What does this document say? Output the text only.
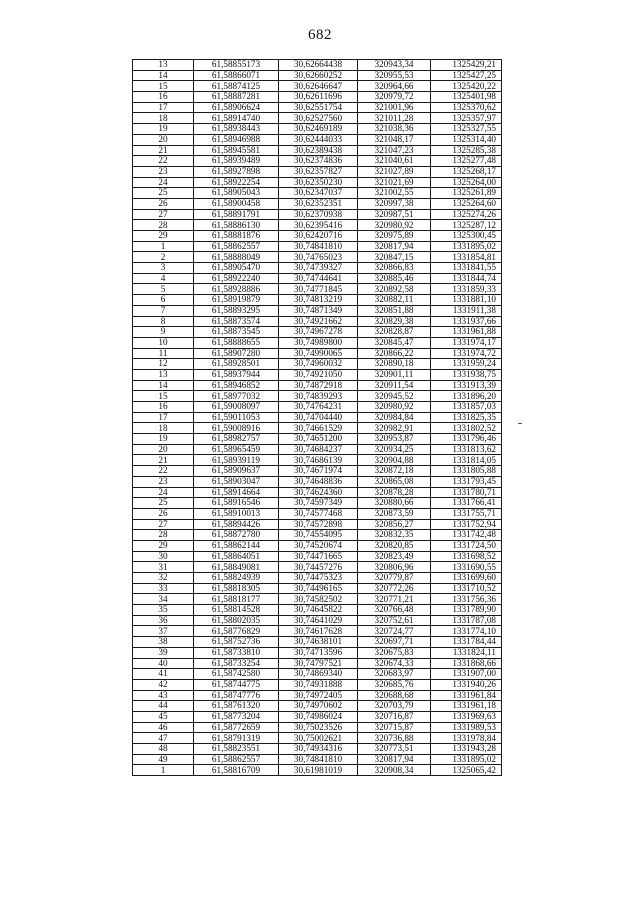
682
13	61,58855173	30,62664438	320943,34	1325429,21
14	61,58866071	30,62660252	320955,53	1325427,25
15	61,58874125	30,62646647	320964,66	1325420,22
16	61,58887281	30,62611696	320979,72	1325401,98
17	61,58906624	30,62551754	321001,96	1325370,62
18	61,58914740	30,62527560	321011,28	1325357,97
19	61,58938443	30,62469189	321038,36	1325327,55
20	61,58946988	30,62444033	321048,17	1325314,40
21	61,58945581	30,62389438	321047,23	1325285,38
22	61,58939489	30,62374836	321040,61	1325277,48
23	61,58927898	30,62357827	321027,89	1325268,17
24	61,58922254	30,62350230	321021,69	1325264,00
25	61,58905043	30,62347037	321002,55	1325261,89
26	61,58900458	30,62352351	320997,38	1325264,60
27	61,58891791	30,62370938	320987,51	1325274,26
28	61,58886130	30,62395416	320980,92	1325287,12
29	61,58881876	30,62420716	320975,89	1325300,45
1	61,58862557	30,74841810	320817,94	1331895,02
2	61,58888049	30,74765023	320847,15	1331854,81
3	61,58905470	30,74739327	320866,83	1331841,55
4	61,58922240	30,74744641	320885,46	1331844,74
5	61,58928886	30,74771845	320892,58	1331859,33
6	61,58919879	30,74813219	320882,11	1331881,10
7	61,58893295	30,74871349	320851,88	1331911,38
8	61,58873574	30,74921662	320829,38	1331937,66
9	61,58873545	30,74967278	320828,87	1331961,88
10	61,58888655	30,74989800	320845,47	1331974,17
11	61,58907280	30,74990065	320866,22	1331974,72
12	61,58928501	30,74960032	320890,18	1331959,24
13	61,58937944	30,74921050	320901,11	1331938,75
14	61,58946852	30,74872918	320911,54	1331913,39
15	61,58977032	30,74839293	320945,52	1331896,20
16	61,59008097	30,74764231	320980,92	1331857,03
17	61,59011053	30,74704440	320984,84	1331825,35
18	61,59008916	30,74661529	320982,91	1331802,52
19	61,58982757	30,74651200	320953,87	1331796,46
20	61,58965459	30,74684237	320934,25	1331813,62
21	61,58939119	30,74686139	320904,88	1331814,05
22	61,58909637	30,74671974	320872,18	1331805,88
23	61,58903047	30,74648836	320865,08	1331793,45
24	61,58914664	30,74624360	320878,28	1331780,71
25	61,58916546	30,74597349	320880,66	1331766,41
26	61,58910013	30,74577468	320873,59	1331755,71
27	61,58894426	30,74572898	320856,27	1331752,94
28	61,58872780	30,74554095	320832,35	1331742,48
29	61,58862144	30,74520674	320820,85	1331724,50
30	61,58864051	30,74471665	320823,49	1331698,52
31	61,58849081	30,74457276	320806,96	1331690,55
32	61,58824939	30,74475323	320779,87	1331699,60
33	61,58818305	30,74496165	320772,26	1331710,52
34	61,58818177	30,74582502	320771,21	1331756,36
35	61,58814528	30,74645822	320766,48	1331789,90
36	61,58802035	30,74641029	320752,61	1331787,08
37	61,58776829	30,74617628	320724,77	1331774,10
38	61,58752736	30,74638101	320697,71	1331784,44
39	61,58733810	30,74713596	320675,83	1331824,11
40	61,58733254	30,74797521	320674,33	1331868,66
41	61,58742580	30,74869340	320683,97	1331907,00
42	61,58744775	30,74931888	320685,76	1331940,26
43	61,58747776	30,74972405	320688,68	1331961,84
44	61,58761320	30,74970602	320703,79	1331961,18
45	61,58773204	30,74986024	320716,87	1331969,63
46	61,58772659	30,75023526	320715,87	1331989,53
47	61,58791319	30,75002621	320736,88	1331978,84
48	61,58823551	30,74934316	320773,51	1331943,28
49	61,58862557	30,74841810	320817,94	1331895,02
1	61,58816709	30,61981019	320908,34	1325065,42
